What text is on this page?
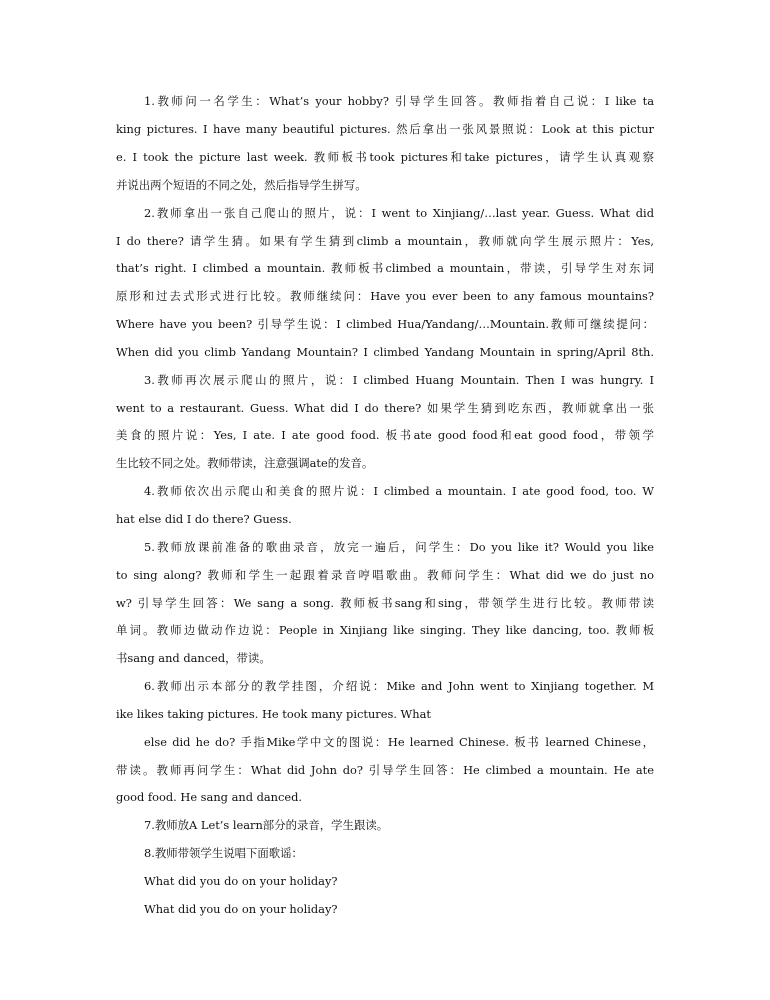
1.教师问一名学生：What’s your hobby? 引导学生回答。教师指着自己说：I like ta
king pictures. I have many beautiful pictures. 然后拿出一张风景照说：Look at this pictur
e. I took the picture last week. 教师板书took pictures和take pictures，请学生认真观察
并说出两个短语的不同之处，然后指导学生拼写。
2.教师拿出一张自己爬山的照片，说：I went to Xinjiang/…last year. Guess. What did
I do there? 请学生猜。如果有学生猜到climb a mountain，教师就向学生展示照片：Yes,
that’s right. I climbed a mountain. 教师板书climbed a mountain，带读，引导学生对东词
原形和过去式形式进行比较。教师继续问：Have you ever been to any famous mountains?
Where have you been? 引导学生说：I climbed Hua/Yandang/…Mountain.教师可继续提问：
When did you climb Yandang Mountain? I climbed Yandang Mountain in spring/April 8th.
3.教师再次展示爬山的照片，说：I climbed Huang Mountain. Then I was hungry. I
went to a restaurant. Guess. What did I do there? 如果学生猜到吃东西，教师就拿出一张
美食的照片说：Yes, I ate. I ate good food. 板书ate good food和eat good food，带领学
生比较不同之处。教师带读，注意强调ate的发音。
4.教师依次出示爬山和美食的照片说：I climbed a mountain. I ate good food, too. W
hat else did I do there? Guess.
5.教师放课前准备的歌曲录音，放完一遍后，问学生：Do you like it? Would you like
to sing along? 教师和学生一起跟着录音哼唱歌曲。教师问学生：What did we do just no
w? 引导学生回答：We sang a song. 教师板书sang和sing，带领学生进行比较。教师带读
单词。教师边做动作边说：People in Xinjiang like singing. They like dancing, too. 教师板
书sang and danced，带读。
6.教师出示本部分的教学挂图，介绍说：Mike and John went to Xinjiang together. M
ike likes taking pictures. He took many pictures. What
else did he do? 手指Mike学中文的图说：He learned Chinese. 板书 learned Chinese，
带读。教师再问学生：What did John do? 引导学生回答：He climbed a mountain. He ate
good food. He sang and danced.
7.教师放A Let’s learn部分的录音，学生跟读。
8.教师带领学生说唱下面歌谣：
What did you do on your holiday?
What did you do on your holiday?
